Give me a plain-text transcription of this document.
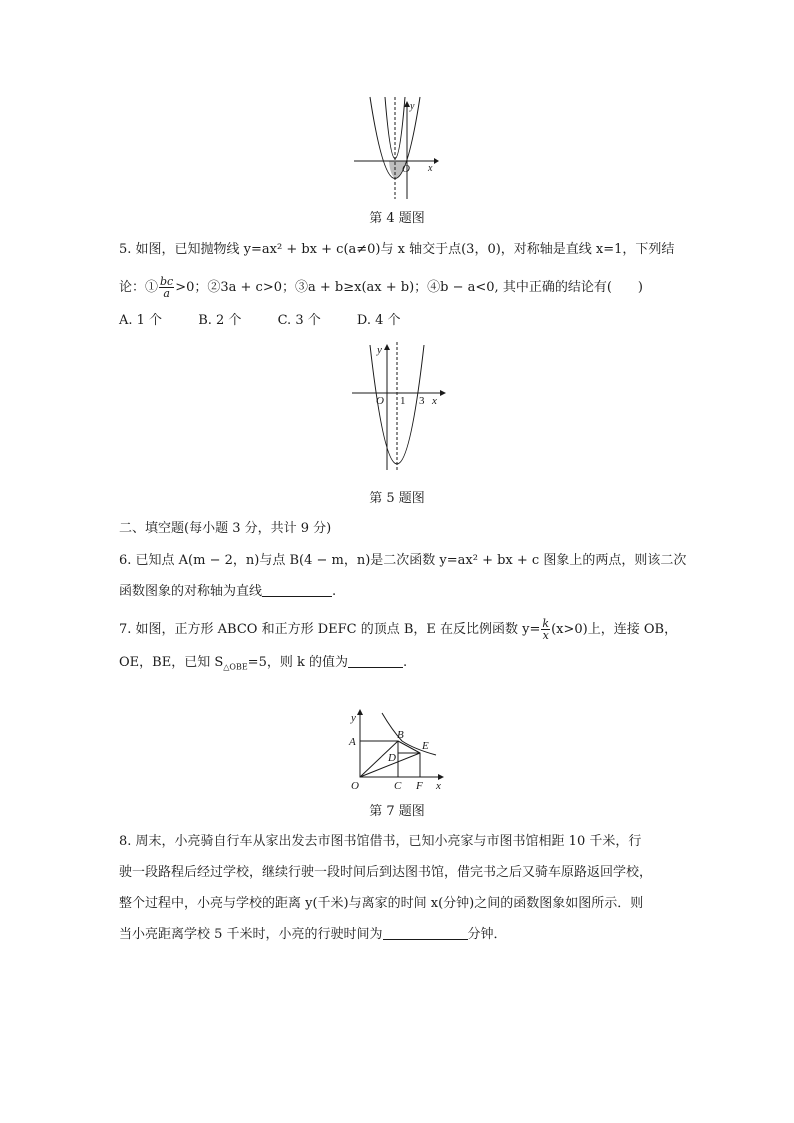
y
x
O
第 4 题图
5. 如图，已知抛物线 y=ax² + bx + c(a≠0)与 x 轴交于点(3，0)，对称轴是直线 x=1，下列结
论：① $\frac{bc}{a} >0$；②3a + c>0；③a + b≥x(ax + b)；④b − a<0, 其中正确的结论有(　　)
A. 1 个	B. 2 个	C. 3 个	D. 4 个
y
O 1 3 x
第 5 题图
二、填空题(每小题 3 分，共计 9 分)
6. 已知点 A(m − 2，n)与点 B(4 − m，n)是二次函数 y=ax² + bx + c 图象上的两点，则该二次
函数图象的对称轴为直线	.
7. 如图，正方形 ABCO 和正方形 DEFC 的顶点 B，E 在反比例函数 $y= \frac{k}{x} (x>0)$上，连接 OB，
OE，BE，已知 $S_{\triangle OBE}=5$，则 k 的值为	.
y
A
B
D
E
O	C F x
第 7 题图
8. 周末，小亮骑自行车从家出发去市图书馆借书，已知小亮家与市图书馆相距 10 千米，行
驶一段路程后经过学校，继续行驶一段时间后到达图书馆，借完书之后又骑车原路返回学校，
整个过程中，小亮与学校的距离 y(千米)与离家的时间 x(分钟)之间的函数图象如图所示．则
当小亮距离学校 5 千米时，小亮的行驶时间为	分钟．
